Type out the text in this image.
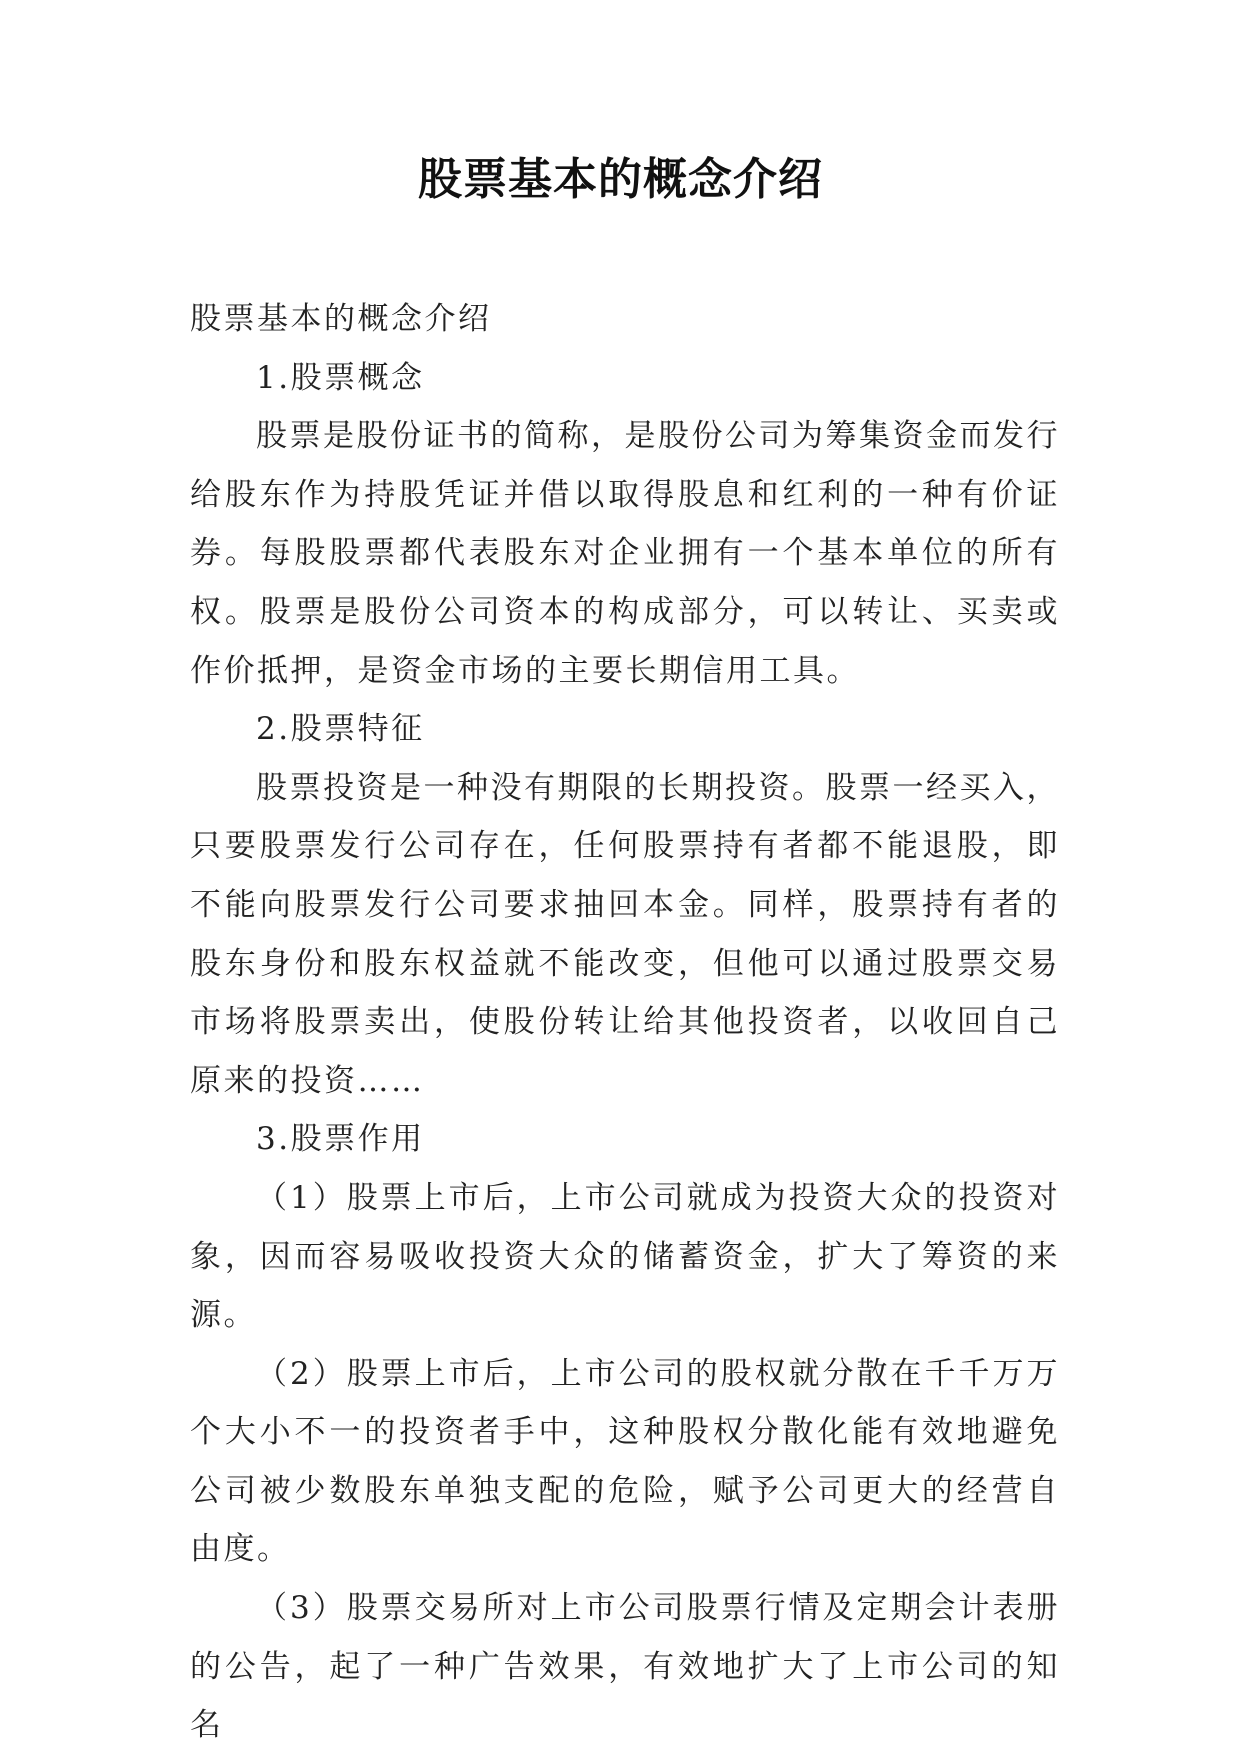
股票基本的概念介绍

股票基本的概念介绍

1.股票概念

股票是股份证书的简称，是股份公司为筹集资金而发行给股东作为持股凭证并借以取得股息和红利的一种有价证券。每股股票都代表股东对企业拥有一个基本单位的所有权。股票是股份公司资本的构成部分，可以转让、买卖或作价抵押，是资金市场的主要长期信用工具。

2.股票特征

股票投资是一种没有期限的长期投资。股票一经买入，只要股票发行公司存在，任何股票持有者都不能退股，即不能向股票发行公司要求抽回本金。同样，股票持有者的股东身份和股东权益就不能改变，但他可以通过股票交易市场将股票卖出，使股份转让给其他投资者，以收回自己原来的投资……

3.股票作用

（1）股票上市后，上市公司就成为投资大众的投资对象，因而容易吸收投资大众的储蓄资金，扩大了筹资的来源。

（2）股票上市后，上市公司的股权就分散在千千万万个大小不一的投资者手中，这种股权分散化能有效地避免公司被少数股东单独支配的危险，赋予公司更大的经营自由度。

（3）股票交易所对上市公司股票行情及定期会计表册的公告，起了一种广告效果，有效地扩大了上市公司的知名
